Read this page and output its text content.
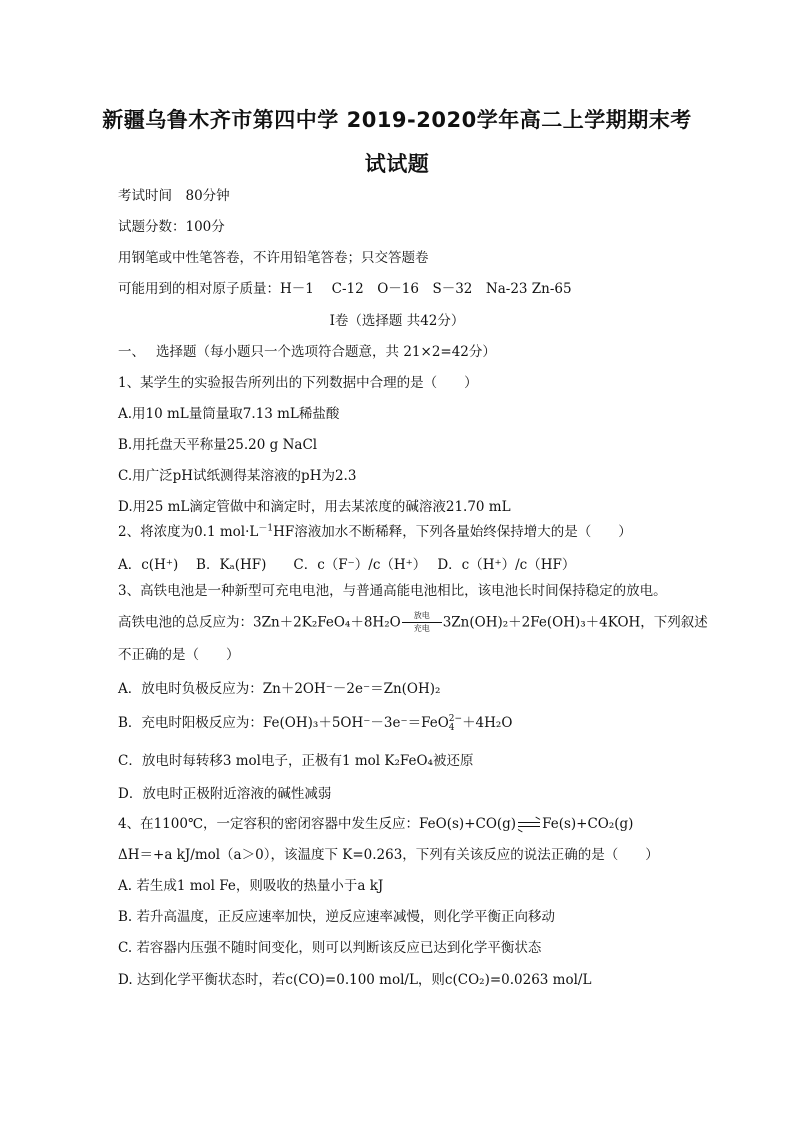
新疆乌鲁木齐市第四中学 2019-2020学年高二上学期期末考
试试题
考试时间　80分钟
试题分数：100分
用钢笔或中性笔答卷，不许用铅笔答卷；只交答题卷
可能用到的相对原子质量：H－1　 C-12　O－16　S－32　Na-23 Zn-65
Ⅰ卷（选择题 共42分）
一、　 选择题（每小题只一个选项符合题意，共 21×2=42分）
1、某学生的实验报告所列出的下列数据中合理的是（　　）
A.用10 mL量筒量取7.13 mL稀盐酸
B.用托盘天平称量25.20 g NaCl
C.用广泛pH试纸测得某溶液的pH为2.3
D.用25 mL滴定管做中和滴定时，用去某浓度的碱溶液21.70 mL
2、将浓度为0.1 $mol\cdot L^{-1}HF$溶液加水不断稀释，下列各量始终保持增大的是（　　）
A．c(H⁺)　 B．Kₐ(HF)　　C．c（F⁻）/c（H⁺）　 D．c（H⁺）/c（HF）
3、高铁电池是一种新型可充电电池，与普通高能电池相比，该电池长时间保持稳定的放电。
高铁电池的总反应为：$3Zn+2K_2FeO_4+8H_2O \frac{\text{放电}}{\text{充电}} 3Zn(OH)_2+2Fe(OH)_3+4KOH$，下列叙述
不正确的是（　　）
A．放电时负极反应为：Zn＋2OH⁻－2e⁻＝Zn(OH)₂
B．充电时阳极反应为：Fe(OH)₃＋5OH⁻－3e⁻＝FeO 2−
4 ＋4H₂O
C．放电时每转移3 mol电子，正极有1 mol K₂FeO₄被还原
D．放电时正极附近溶液的碱性减弱
4、在1100℃，一定容积的密闭容器中发生反应：FeO(s)+CO(g) ⇌ Fe(s)+CO₂(g)
ΔH＝+a kJ/mol（a＞0），该温度下 K=0.263，下列有关该反应的说法正确的是（　　）
A. 若生成1 mol Fe，则吸收的热量小于a kJ
B. 若升高温度，正反应速率加快，逆反应速率减慢，则化学平衡正向移动
C. 若容器内压强不随时间变化，则可以判断该反应已达到化学平衡状态
D. 达到化学平衡状态时，若c(CO)=0.100 mol/L，则c(CO₂)=0.0263 mol/L
